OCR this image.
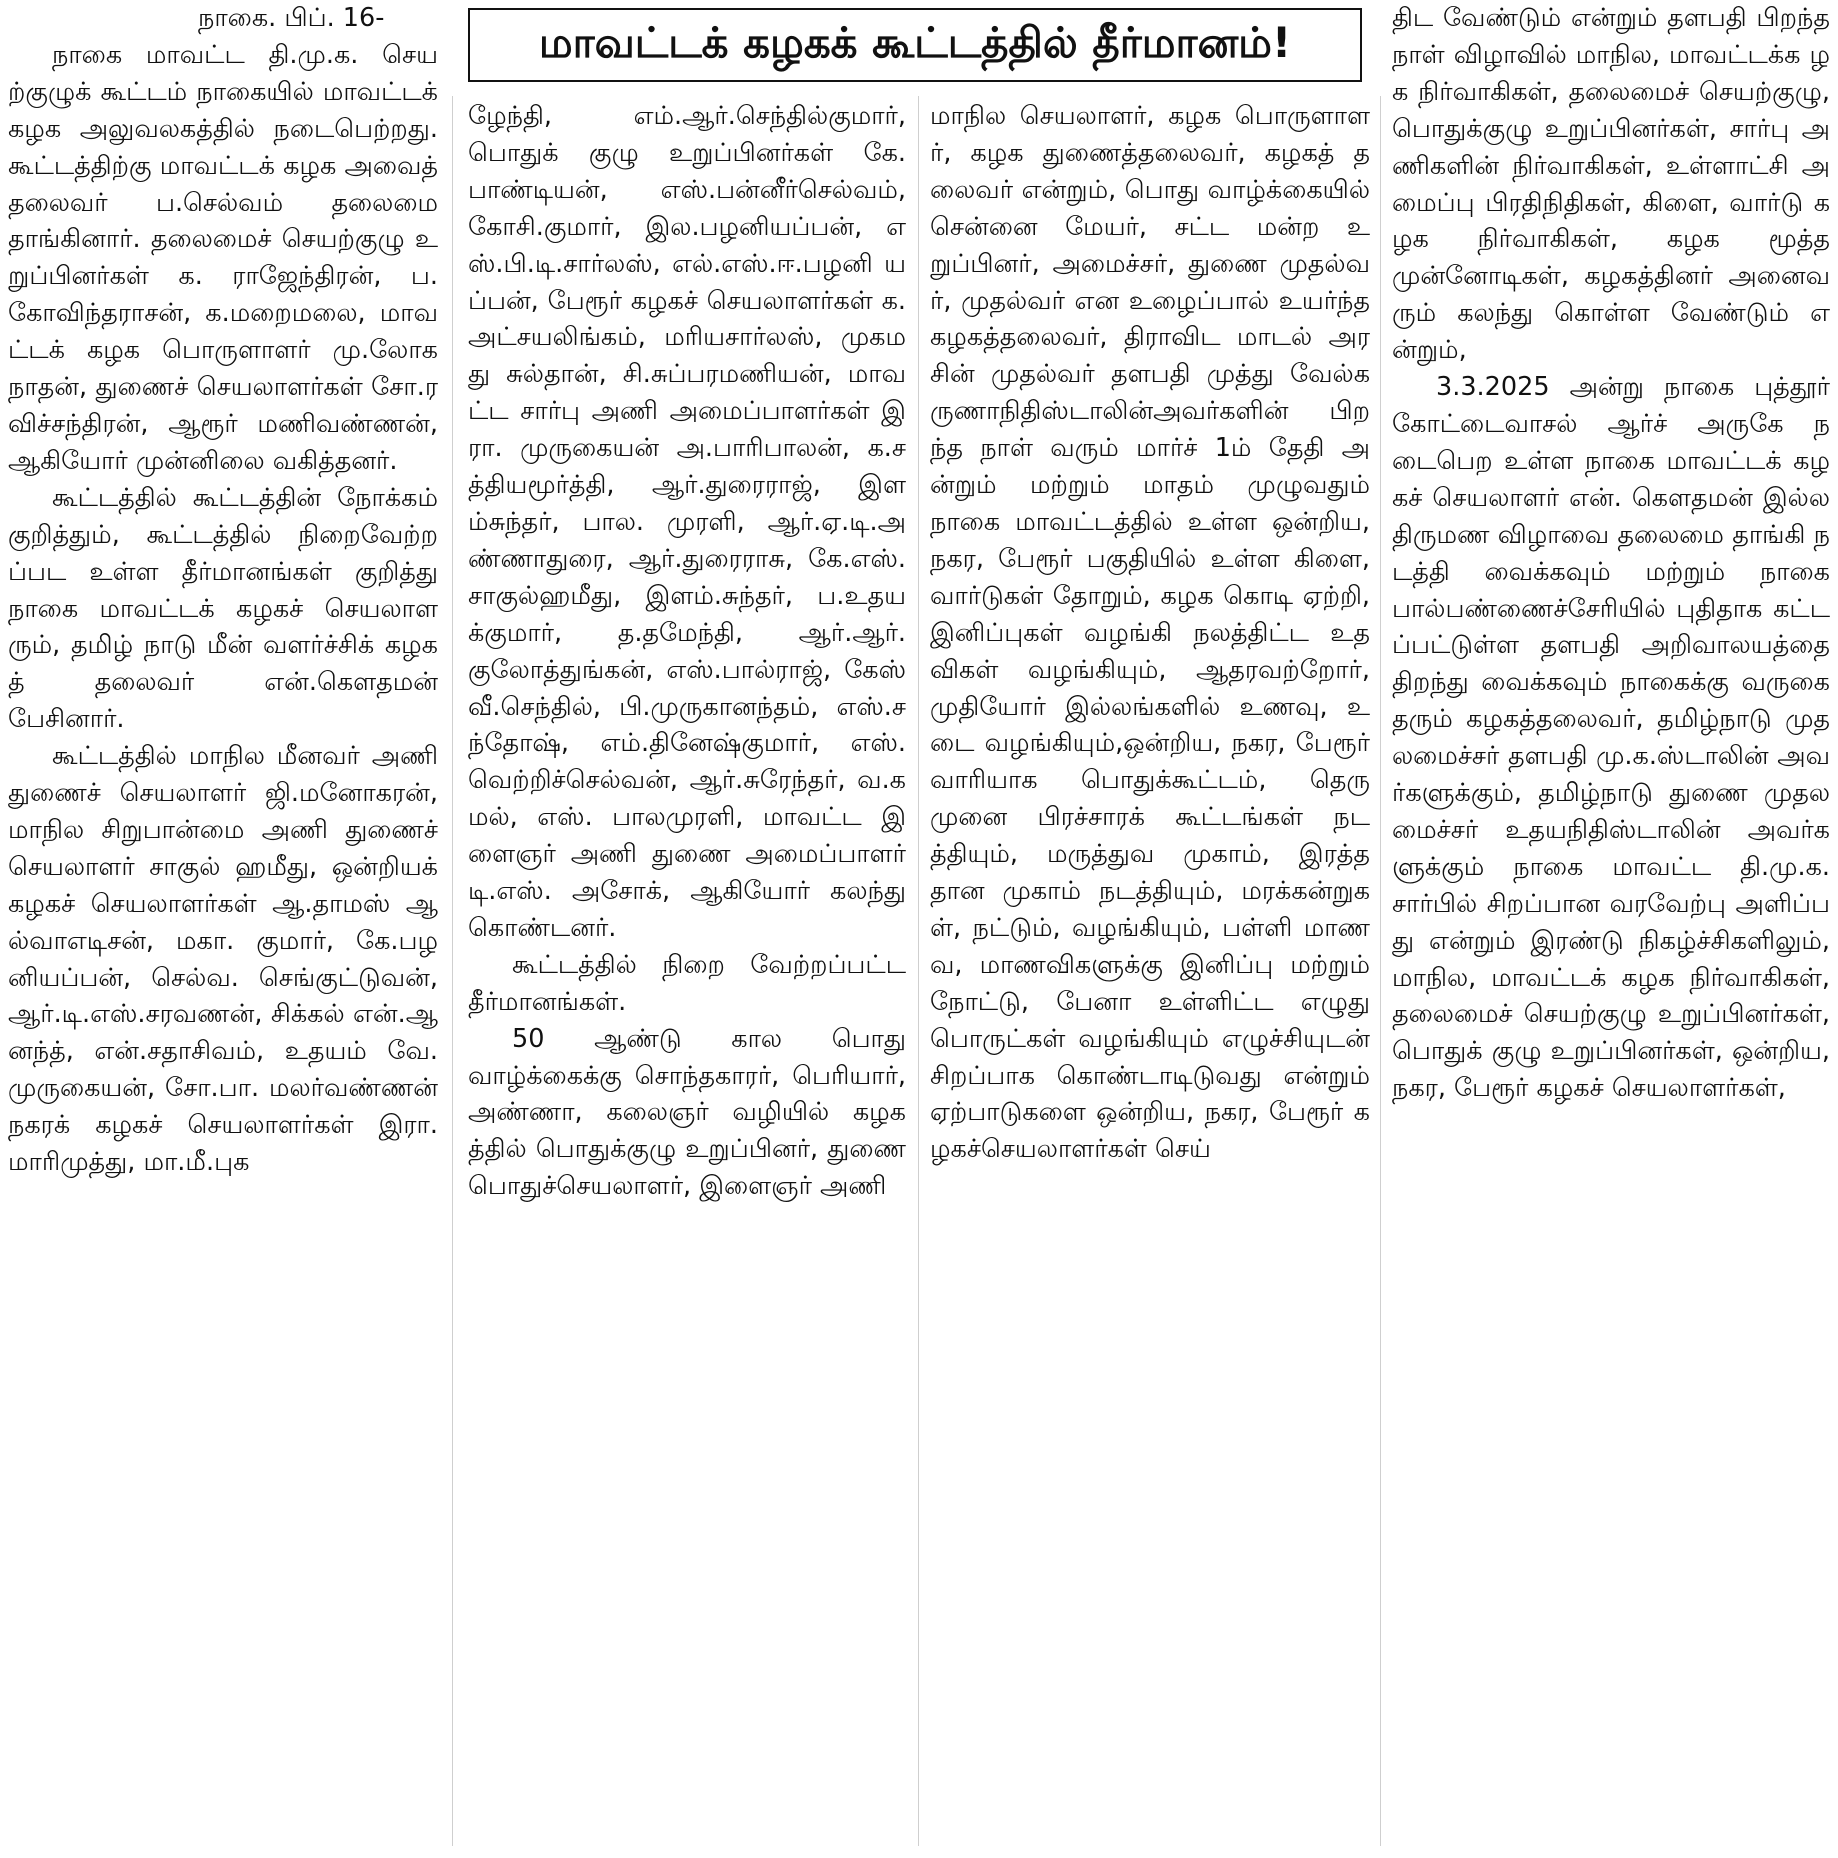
நாகை. பிப். 16-

நாகை மாவட்ட தி.மு.க. செயற்குழுக் கூட்டம் நாகையில் மாவட்டக் கழக அலுவலகத்தில் நடைபெற்றது. கூட்டத்திற்கு மாவட்டக் கழக அவைத் தலைவர் ப.செல்வம் தலைமை தாங்கினார். தலைமைச் செயற்குழு உறுப்பினர்கள் க. ராஜேந்திரன், ப.கோவிந்தராசன், க.மறைமலை, மாவட்டக் கழக பொருளாளர் மு.லோகநாதன், துணைச் செயலாளர்கள் சோ.ரவிச்சந்திரன், ஆரூர் மணிவண்ணன், ஆகியோர் முன்னிலை வகித்தனர்.

கூட்டத்தில் கூட்டத்தின் நோக்கம் குறித்தும், கூட்டத்தில் நிறைவேற்றப்பட உள்ள தீர்மானங்கள் குறித்து நாகை மாவட்டக் கழகச் செயலாளரும், தமிழ் நாடு மீன் வளர்ச்சிக் கழகத் தலைவர் என்.கௌதமன் பேசினார்.

கூட்டத்தில் மாநில மீனவர் அணி துணைச் செயலாளர் ஜி.மனோகரன், மாநில சிறுபான்மை அணி துணைச் செயலாளர் சாகுல் ஹமீது, ஒன்றியக் கழகச் செயலாளர்கள் ஆ.தாமஸ் ஆல்வாஎடிசன், மகா. குமார், கே.பழனியப்பன், செல்வ. செங்குட்டுவன், ஆர்.டி.எஸ்.சரவணன், சிக்கல் என்.ஆனந்த், என்.சதாசிவம், உதயம் வே.முருகையன், சோ.பா. மலர்வண்ணன் நகரக் கழகச் செயலாளர்கள் இரா. மாரிமுத்து, மா.மீ.புக

மாவட்டக் கழகக் கூட்டத்தில் தீர்மானம்!

ழேந்தி, எம்.ஆர்.செந்தில்குமார், பொதுக் குழு உறுப்பினர்கள் கே.பாண்டியன், எஸ்.பன்னீர்செல்வம், கோசி.குமார், இல.பழனியப்பன், எஸ்.பி.டி.சார்லஸ், எல்.எஸ்.ஈ.பழனி யப்பன், பேரூர் கழகச் செயலாளர்கள் க.அட்சயலிங்கம், மரியசார்லஸ், முகமது சுல்தான், சி.சுப்பரமணியன், மாவட்ட சார்பு அணி அமைப்பாளர்கள் இரா. முருகையன் அ.பாரிபாலன், க.சத்தியமூர்த்தி, ஆர்.துரைராஜ், இளம்சுந்தர், பால. முரளி, ஆர்.ஏ.டி.அண்ணாதுரை, ஆர்.துரைராசு, கே.எஸ்.சாகுல்ஹமீது, இளம்.சுந்தர், ப.உதயக்குமார், த.தமேந்தி, ஆர்.ஆர். குலோத்துங்கன், எஸ்.பால்ராஜ், கேஸ் வீ.செந்தில், பி.முருகானந்தம், எஸ்.சந்தோஷ், எம்.தினேஷ்குமார், எஸ்.வெற்றிச்செல்வன், ஆர்.சுரேந்தர், வ.கமல், எஸ். பாலமுரளி, மாவட்ட இளைஞர் அணி துணை அமைப்பாளர் டி.எஸ். அசோக், ஆகியோர் கலந்து கொண்டனர்.

கூட்டத்தில் நிறை வேற்றப்பட்ட தீர்மானங்கள்.

50 ஆண்டு கால பொது வாழ்க்கைக்கு சொந்தகாரர், பெரியார், அண்ணா, கலைஞர் வழியில் கழகத்தில் பொதுக்குழு உறுப்பினர், துணை பொதுச்செயலாளர், இளைஞர் அணி

மாநில செயலாளர், கழக பொருளாளர், கழக துணைத்தலைவர், கழகத் தலைவர் என்றும், பொது வாழ்க்கையில் சென்னை மேயர், சட்ட மன்ற உறுப்பினர், அமைச்சர், துணை முதல்வர், முதல்வர் என உழைப்பால் உயர்ந்த கழகத்தலைவர், திராவிட மாடல் அரசின் முதல்வர் தளபதி முத்து வேல்கருணாநிதிஸ்டாலின்அவர்களின் பிறந்த நாள் வரும் மார்ச் 1ம் தேதி அன்றும் மற்றும் மாதம் முழுவதும் நாகை மாவட்டத்தில் உள்ள ஒன்றிய, நகர, பேரூர் பகுதியில் உள்ள கிளை, வார்டுகள் தோறும், கழக கொடி ஏற்றி, இனிப்புகள் வழங்கி நலத்திட்ட உதவிகள் வழங்கியும், ஆதரவற்றோர், முதியோர் இல்லங்களில் உணவு, உடை வழங்கியும்,ஒன்றிய, நகர, பேரூர் வாரியாக பொதுக்கூட்டம், தெரு முனை பிரச்சாரக் கூட்டங்கள் நடத்தியும், மருத்துவ முகாம், இரத்த தான முகாம் நடத்தியும், மரக்கன்றுகள், நட்டும், வழங்கியும், பள்ளி மாணவ, மாணவிகளுக்கு இனிப்பு மற்றும் நோட்டு, பேனா உள்ளிட்ட எழுது பொருட்கள் வழங்கியும் எழுச்சியுடன் சிறப்பாக கொண்டாடிடுவது என்றும் ஏற்பாடுகளை ஒன்றிய, நகர, பேரூர் கழகச்செயலாளர்கள் செய்

திட வேண்டும் என்றும் தளபதி பிறந்த நாள் விழாவில் மாநில, மாவட்டக்க ழக நிர்வாகிகள், தலைமைச் செயற்குழு, பொதுக்குழு உறுப்பினர்கள், சார்பு அணிகளின் நிர்வாகிகள், உள்ளாட்சி அமைப்பு பிரதிநிதிகள், கிளை, வார்டு கழக நிர்வாகிகள், கழக மூத்த முன்னோடிகள், கழகத்தினர் அனைவரும் கலந்து கொள்ள வேண்டும் என்றும்,

3.3.2025 அன்று நாகை புத்தூர் கோட்டைவாசல் ஆர்ச் அருகே நடைபெற உள்ள நாகை மாவட்டக் கழகச் செயலாளர் என். கௌதமன் இல்ல திருமண விழாவை தலைமை தாங்கி நடத்தி வைக்கவும் மற்றும் நாகை பால்பண்ணைச்சேரியில் புதிதாக கட்டப்பட்டுள்ள தளபதி அறிவாலயத்தை திறந்து வைக்கவும் நாகைக்கு வருகை தரும் கழகத்தலைவர், தமிழ்நாடு முதலமைச்சர் தளபதி மு.க.ஸ்டாலின் அவர்களுக்கும், தமிழ்நாடு துணை முதலமைச்சர் உதயநிதிஸ்டாலின் அவர்களுக்கும் நாகை மாவட்ட தி.மு.க. சார்பில் சிறப்பான வரவேற்பு அளிப்பது என்றும் இரண்டு நிகழ்ச்சிகளிலும், மாநில, மாவட்டக் கழக நிர்வாகிகள், தலைமைச் செயற்குழு உறுப்பினர்கள், பொதுக் குழு உறுப்பினர்கள், ஒன்றிய, நகர, பேரூர் கழகச் செயலாளர்கள்,
